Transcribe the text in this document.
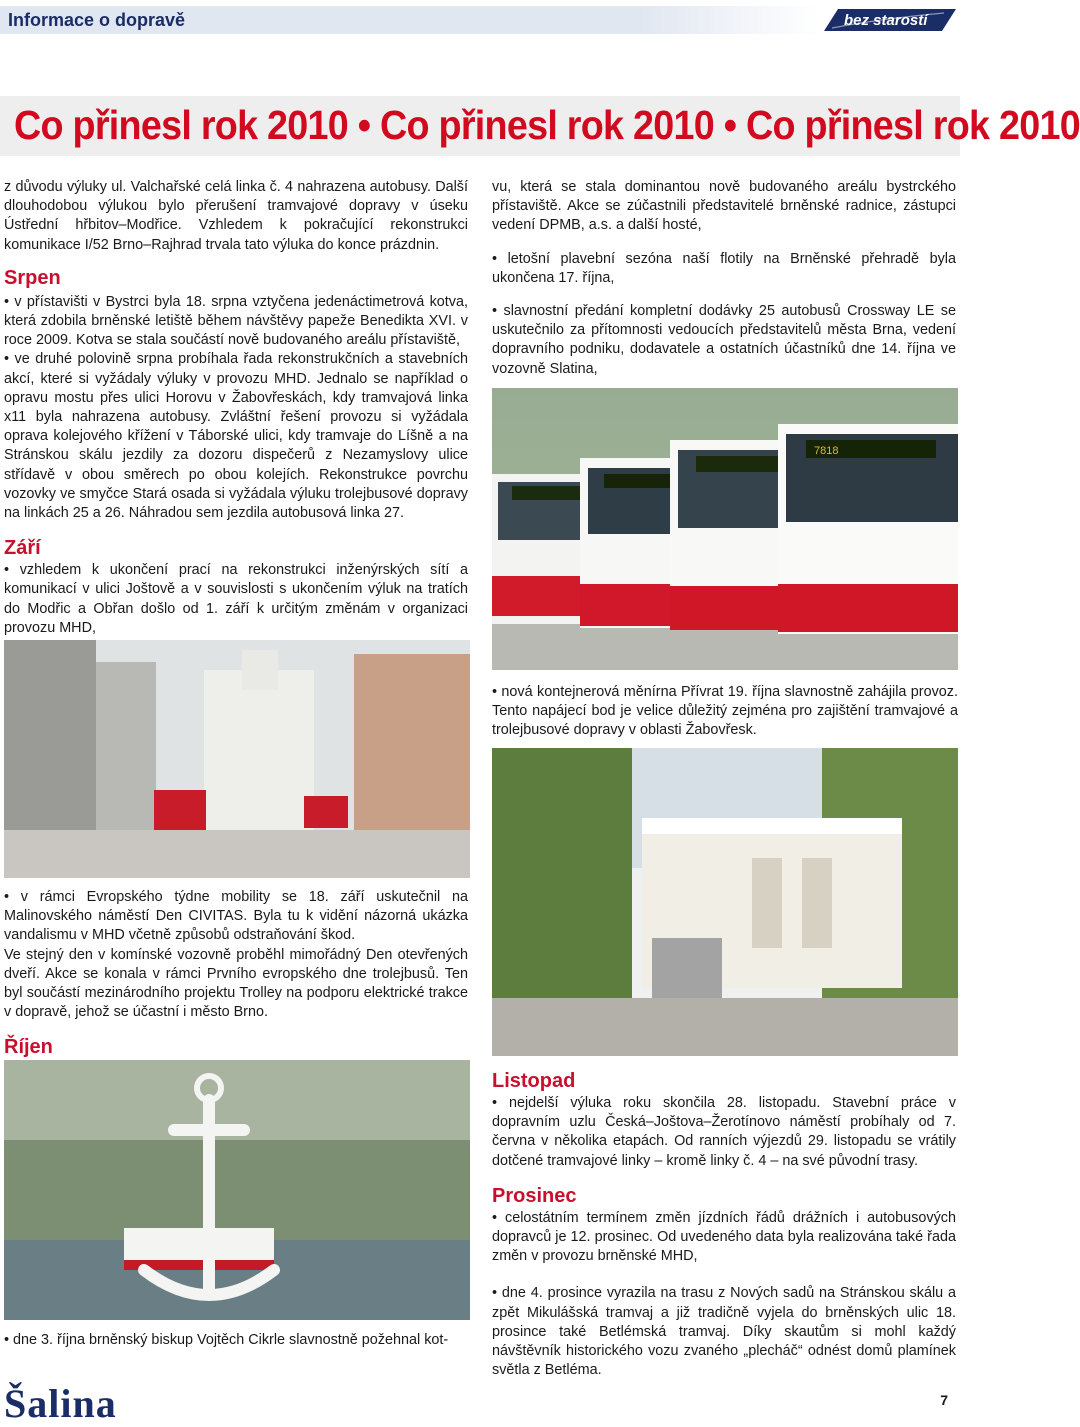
Informace o dopravě	bez starostí
Co přinesl rok 2010 • Co přinesl rok 2010 • Co přinesl rok 2010

z důvodu výluky ul. Valchařské celá linka č. 4 nahrazena autobusy. Další dlouhodobou výlukou bylo přerušení tramvajové dopravy v úseku Ústřední hřbitov–Modřice. Vzhledem k pokračující rekonstrukci komunikace I/52 Brno–Rajhrad trvala tato výluka do konce prázdnin.

Srpen

• v přístavišti v Bystrci byla 18. srpna vztyčena jedenáctimetrová kotva, která zdobila brněnské letiště během návštěvy papeže Benedikta XVI. v roce 2009. Kotva se stala součástí nově budovaného areálu přístaviště,

• ve druhé polovině srpna probíhala řada rekonstrukčních a stavebních akcí, které si vyžádaly výluky v provozu MHD. Jednalo se například o opravu mostu přes ulici Horovu v Žabovřeskách, kdy tramvajová linka x11 byla nahrazena autobusy. Zvláštní řešení provozu si vyžádala oprava kolejového křížení v Táborské ulici, kdy tramvaje do Líšně a na Stránskou skálu jezdily za dozoru dispečerů z Nezamyslovy ulice střídavě v obou směrech po obou kolejích. Rekonstrukce povrchu vozovky ve smyčce Stará osada si vyžádala výluku trolejbusové dopravy na linkách 25 a 26. Náhradou sem jezdila autobusová linka 27.

Září

• vzhledem k ukončení prací na rekonstrukci inženýrských sítí a komunikací v ulici Joštově a v souvislosti s ukončením výluk na tratích do Modřic a Obřan došlo od 1. září k určitým změnám v organizaci provozu MHD,

vu, která se stala dominantou nově budovaného areálu bystrckého přístaviště. Akce se zúčastnili představitelé brněnské radnice, zástupci vedení DPMB, a.s. a další hosté,

• letošní plavební sezóna naší flotily na Brněnské přehradě byla ukončena 17. října,

• slavnostní předání kompletní dodávky 25 autobusů Crossway LE se uskutečnilo za přítomnosti vedoucích představitelů města Brna, vedení dopravního podniku, dodavatele a ostatních účastníků dne 14. října ve vozovně Slatina,

7818

• nová kontejnerová měnírna Přívrat 19. října slavnostně zahájila provoz. Tento napájecí bod je velice důležitý zejména pro zajištění tramvajové a trolejbusové dopravy v oblasti Žabovřesk.

• v rámci Evropského týdne mobility se 18. září uskutečnil na Malinovského náměstí Den CIVITAS. Byla tu k vidění názorná ukázka vandalismu v MHD včetně způsobů odstraňování škod.

Ve stejný den v komínské vozovně proběhl mimořádný Den otevřených dveří. Akce se konala v rámci Prvního evropského dne trolejbusů. Ten byl součástí mezinárodního projektu Trolley na podporu elektrické trakce v dopravě, jehož se účastní i město Brno.

Říjen

Listopad

• nejdelší výluka roku skončila 28. listopadu. Stavební práce v dopravním uzlu Česká–Joštova–Žerotínovo náměstí probíhaly od 7. června v několika etapách. Od ranních výjezdů 29. listopadu se vrátily dotčené tramvajové linky – kromě linky č. 4 – na své původní trasy.

Prosinec

• celostátním termínem změn jízdních řádů drážních i autobusových dopravců je 12. prosinec. Od uvedeného data byla realizována také řada změn v provozu brněnské MHD,

• dne 4. prosince vyrazila na trasu z Nových sadů na Stránskou skálu a zpět Mikulášská tramvaj a již tradičně vyjela do brněnských ulic 18. prosince také Betlémská tramvaj. Díky skautům si mohl každý návštěvník historického vozu zvaného „plecháč“ odnést domů plamínek světla z Betléma.

• dne 3. října brněnský biskup Vojtěch Cikrle slavnostně požehnal kot-

Šalina	7
